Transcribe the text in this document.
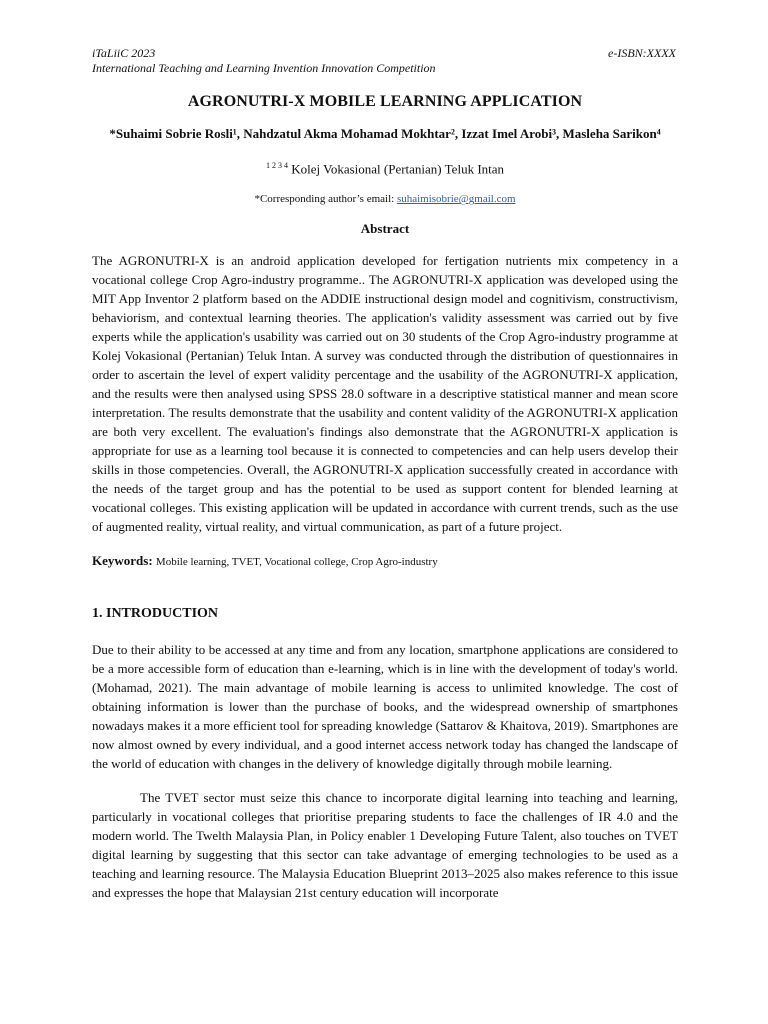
iTaLiiC 2023
International Teaching and Learning Invention Innovation Competition
e-ISBN:XXXX
AGRONUTRI-X MOBILE LEARNING APPLICATION
*Suhaimi Sobrie Rosli¹, Nahdzatul Akma Mohamad Mokhtar², Izzat Imel Arobi³, Masleha Sarikon⁴
$^{1 2 3 4}$ Kolej Vokasional (Pertanian) Teluk Intan
*Corresponding author’s email: suhaimisobrie@gmail.com
Abstract

The AGRONUTRI-X is an android application developed for fertigation nutrients mix competency in a vocational college Crop Agro-industry programme.. The AGRONUTRI-X application was developed using the MIT App Inventor 2 platform based on the ADDIE instructional design model and cognitivism, constructivism, behaviorism, and contextual learning theories. The application's validity assessment was carried out by five experts while the application's usability was carried out on 30 students of the Crop Agro-industry programme at Kolej Vokasional (Pertanian) Teluk Intan. A survey was conducted through the distribution of questionnaires in order to ascertain the level of expert validity percentage and the usability of the AGRONUTRI-X application, and the results were then analysed using SPSS 28.0 software in a descriptive statistical manner and mean score interpretation. The results demonstrate that the usability and content validity of the AGRONUTRI-X application are both very excellent. The evaluation's findings also demonstrate that the AGRONUTRI-X application is appropriate for use as a learning tool because it is connected to competencies and can help users develop their skills in those competencies. Overall, the AGRONUTRI-X application successfully created in accordance with the needs of the target group and has the potential to be used as support content for blended learning at vocational colleges. This existing application will be updated in accordance with current trends, such as the use of augmented reality, virtual reality, and virtual communication, as part of a future project.

Keywords: Mobile learning, TVET, Vocational college, Crop Agro-industry
1. INTRODUCTION

Due to their ability to be accessed at any time and from any location, smartphone applications are considered to be a more accessible form of education than e-learning, which is in line with the development of today's world. (Mohamad, 2021). The main advantage of mobile learning is access to unlimited knowledge. The cost of obtaining information is lower than the purchase of books, and the widespread ownership of smartphones nowadays makes it a more efficient tool for spreading knowledge (Sattarov & Khaitova, 2019). Smartphones are now almost owned by every individual, and a good internet access network today has changed the landscape of the world of education with changes in the delivery of knowledge digitally through mobile learning.

The TVET sector must seize this chance to incorporate digital learning into teaching and learning, particularly in vocational colleges that prioritise preparing students to face the challenges of IR 4.0 and the modern world. The Twelth Malaysia Plan, in Policy enabler 1 Developing Future Talent, also touches on TVET digital learning by suggesting that this sector can take advantage of emerging technologies to be used as a teaching and learning resource. The Malaysia Education Blueprint 2013–2025 also makes reference to this issue and expresses the hope that Malaysian 21st century education will incorporate
